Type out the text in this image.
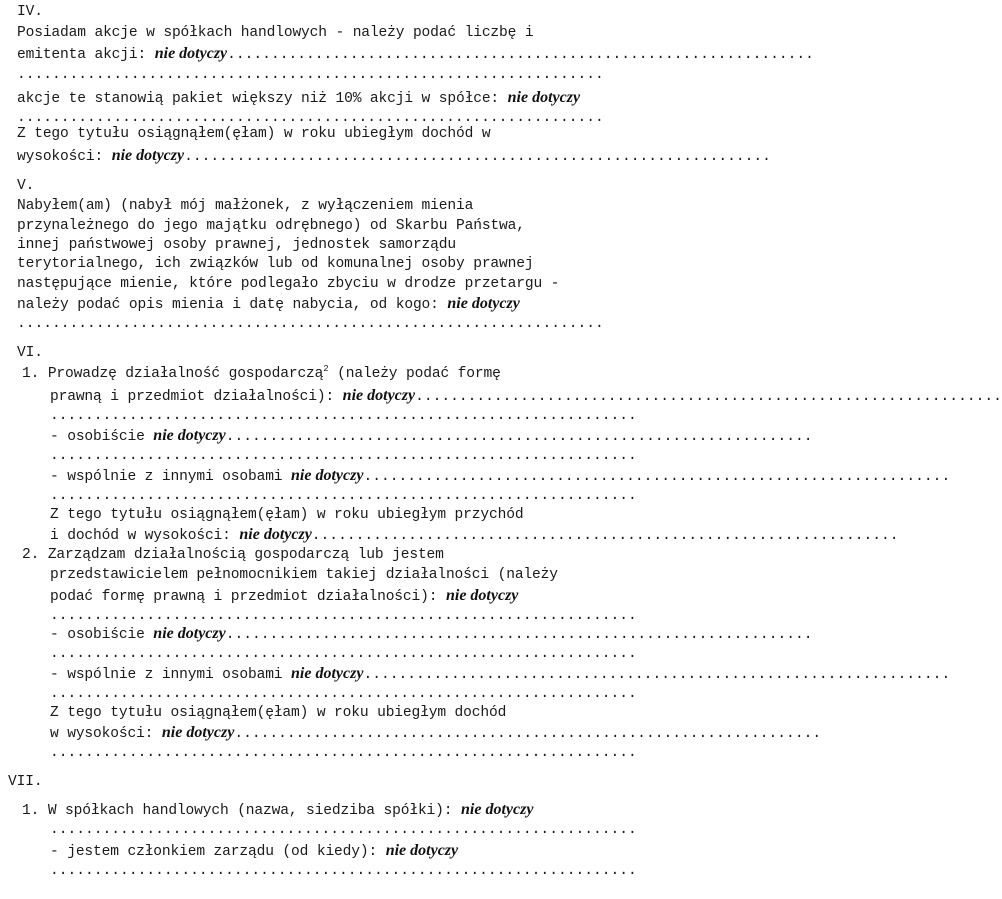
IV.
Posiadam akcje w spółkach handlowych - należy podać liczbę i
emitenta akcji: nie dotyczy...................................................................
...................................................................
akcje te stanowią pakiet większy niż 10% akcji w spółce: nie dotyczy
...................................................................
Z tego tytułu osiągnąłem(ęłam) w roku ubiegłym dochód w
wysokości: nie dotyczy...................................................................
V.
Nabyłem(am) (nabył mój małżonek, z wyłączeniem mienia
przynależnego do jego majątku odrębnego) od Skarbu Państwa,
innej państwowej osoby prawnej, jednostek samorządu
terytorialnego, ich związków lub od komunalnej osoby prawnej
następujące mienie, które podlegało zbyciu w drodze przetargu -
należy podać opis mienia i datę nabycia, od kogo: nie dotyczy
...................................................................
VI.
1. Prowadzę działalność gospodarczą$^2$ (należy podać formę
prawną i przedmiot działalności): nie dotyczy...................................................................
...................................................................
- osobiście nie dotyczy...................................................................
...................................................................
- wspólnie z innymi osobami nie dotyczy...................................................................
...................................................................
Z tego tytułu osiągnąłem(ęłam) w roku ubiegłym przychód
i dochód w wysokości: nie dotyczy...................................................................
2. Zarządzam działalnością gospodarczą lub jestem
przedstawicielem pełnomocnikiem takiej działalności (należy
podać formę prawną i przedmiot działalności): nie dotyczy
...................................................................
- osobiście nie dotyczy...................................................................
...................................................................
- wspólnie z innymi osobami nie dotyczy...................................................................
...................................................................
Z tego tytułu osiągnąłem(ęłam) w roku ubiegłym dochód
w wysokości: nie dotyczy...................................................................
...................................................................
VII.
1. W spółkach handlowych (nazwa, siedziba spółki): nie dotyczy
...................................................................
- jestem członkiem zarządu (od kiedy): nie dotyczy
...................................................................
